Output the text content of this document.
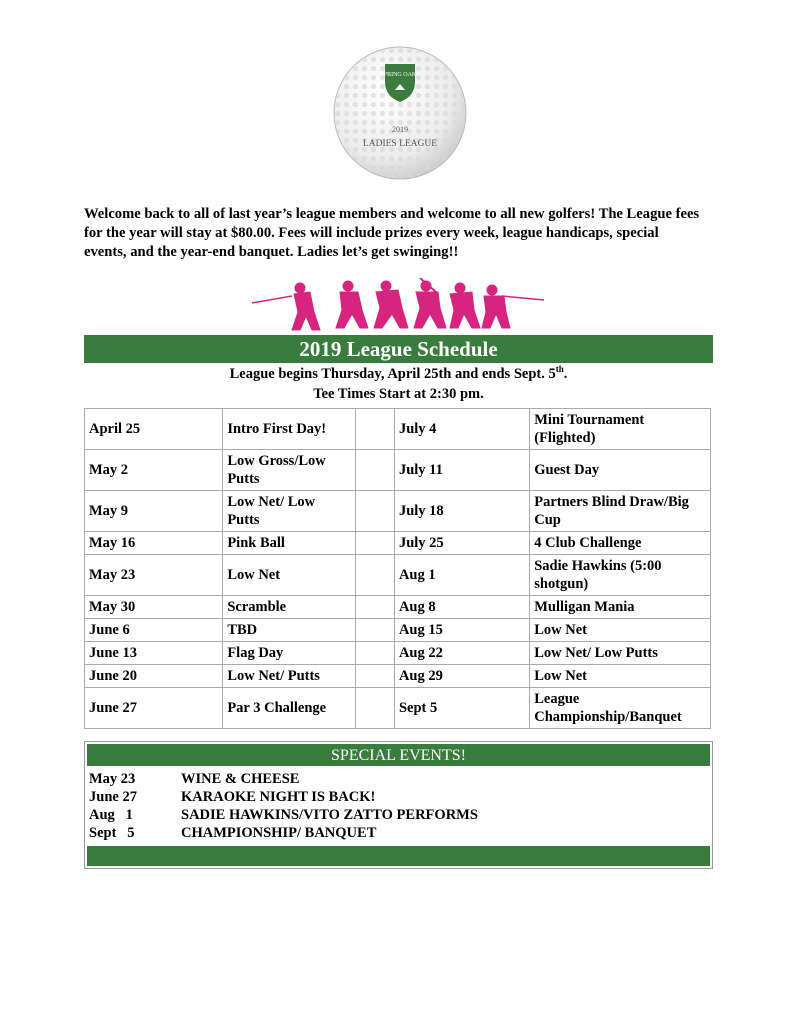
SPRING OAKS
2019
LADIES LEAGUE

Welcome back to all of last year’s league members and welcome to all new golfers! The League fees for the year will stay at $80.00. Fees will include prizes every week, league handicaps, special events, and the year-end banquet. Ladies let’s get swinging!!

2019 League Schedule
League begins Thursday, April 25th and ends Sept. 5th.
Tee Times Start at 2:30 pm.
April 25	Intro First Day!		July 4	Mini Tournament (Flighted)
May 2	Low Gross/Low Putts		July 11	Guest Day
May 9	Low Net/ Low Putts		July 18	Partners Blind Draw/Big Cup
May 16	Pink Ball		July 25	4 Club Challenge
May 23	Low Net		Aug 1	Sadie Hawkins (5:00 shotgun)
May 30	Scramble		Aug 8	Mulligan Mania
June 6	TBD		Aug 15	Low Net
June 13	Flag Day		Aug 22	Low Net/ Low Putts
June 20	Low Net/ Putts		Aug 29	Low Net
June 27	Par 3 Challenge		Sept 5	League Championship/Banquet
SPECIAL EVENTS!
May 23	WINE & CHEESE
June 27	KARAOKE NIGHT IS BACK!
Aug   1	SADIE HAWKINS/VITO ZATTO PERFORMS
Sept   5	CHAMPIONSHIP/ BANQUET
